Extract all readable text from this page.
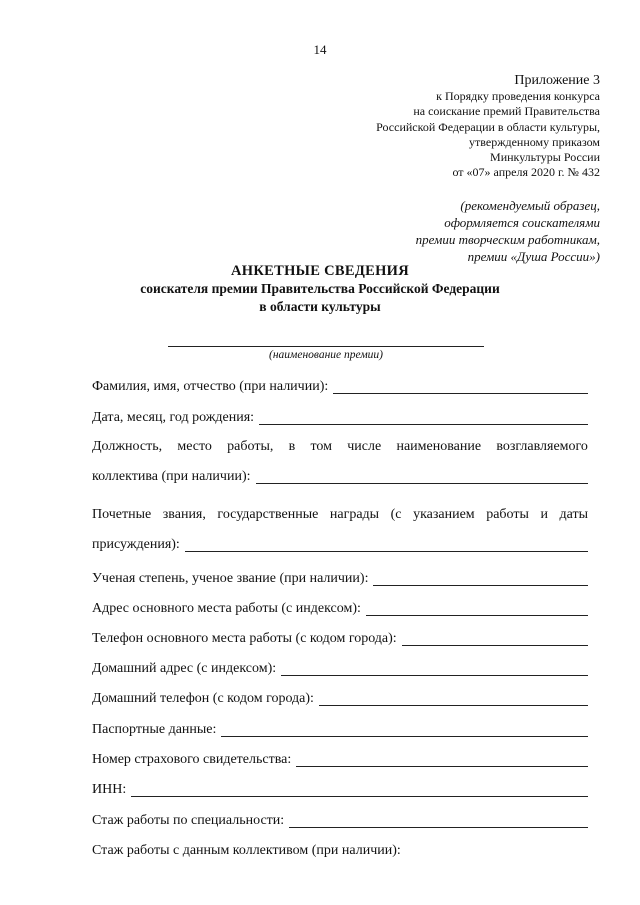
14
Приложение 3
к Порядку проведения конкурса
на соискание премий Правительства
Российской Федерации в области культуры,
утвержденному приказом
Минкультуры России
от «07» апреля 2020 г. № 432
(рекомендуемый образец,
оформляется соискателями
премии творческим работникам,
премии «Душа России»)
АНКЕТНЫЕ СВЕДЕНИЯ
соискателя премии Правительства Российской Федерации
в области культуры
(наименование премии)
Фамилия, имя, отчество (при наличии):
Дата, месяц, год рождения:
Должность, место работы, в том числе наименование возглавляемого
коллектива (при наличии):
Почетные звания, государственные награды (с указанием работы и даты
присуждения):
Ученая степень, ученое звание (при наличии):
Адрес основного места работы (с индексом):
Телефон основного места работы (с кодом города):
Домашний адрес (с индексом):
Домашний телефон (с кодом города):
Паспортные данные:
Номер страхового свидетельства:
ИНН:
Стаж работы по специальности:
Стаж работы с данным коллективом (при наличии):
